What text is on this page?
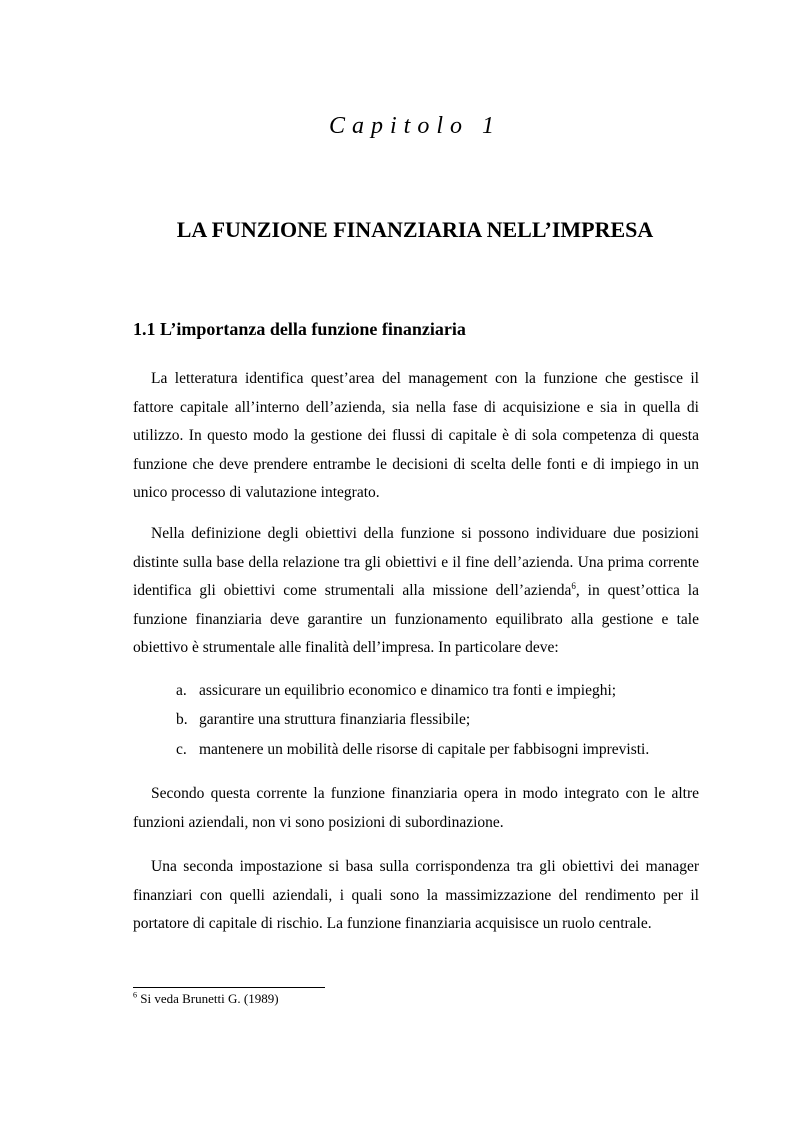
Capitolo 1
LA FUNZIONE FINANZIARIA NELL’IMPRESA
1.1 L’importanza della funzione finanziaria

La letteratura identifica quest’area del management con la funzione che gestisce il fattore capitale all’interno dell’azienda, sia nella fase di acquisizione e sia in quella di utilizzo. In questo modo la gestione dei flussi di capitale è di sola competenza di questa funzione che deve prendere entrambe le decisioni di scelta delle fonti e di impiego in un unico processo di valutazione integrato.

Nella definizione degli obiettivi della funzione si possono individuare due posizioni distinte sulla base della relazione tra gli obiettivi e il fine dell’azienda. Una prima corrente identifica gli obiettivi come strumentali alla missione dell’azienda$^6$, in quest’ottica la funzione finanziaria deve garantire un funzionamento equilibrato alla gestione e tale obiettivo è strumentale alle finalità dell’impresa. In particolare deve:

a. assicurare un equilibrio economico e dinamico tra fonti e impieghi;
b. garantire una struttura finanziaria flessibile;
c. mantenere un mobilità delle risorse di capitale per fabbisogni imprevisti.

Secondo questa corrente la funzione finanziaria opera in modo integrato con le altre funzioni aziendali, non vi sono posizioni di subordinazione.

Una seconda impostazione si basa sulla corrispondenza tra gli obiettivi dei manager finanziari con quelli aziendali, i quali sono la massimizzazione del rendimento per il portatore di capitale di rischio. La funzione finanziaria acquisisce un ruolo centrale.

$^6$ Si veda Brunetti G. (1989)
